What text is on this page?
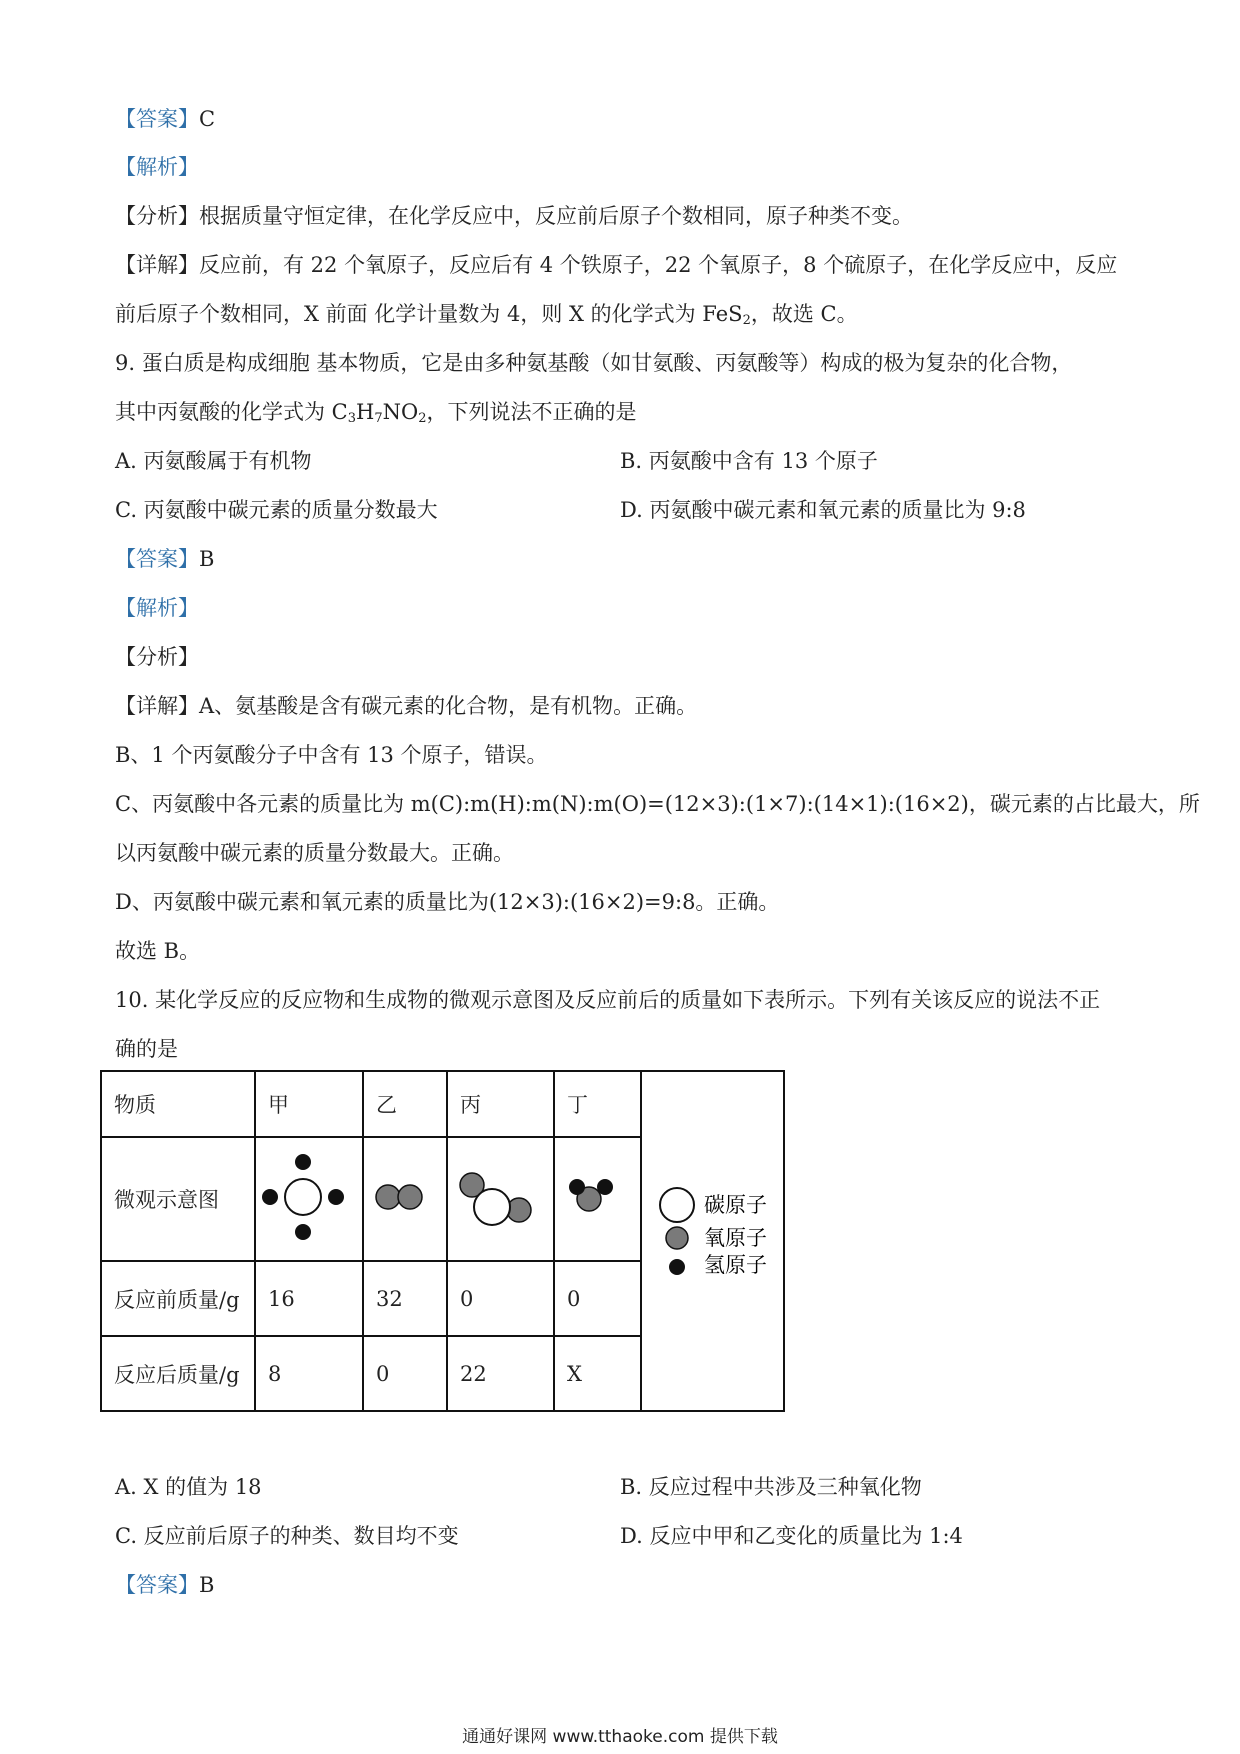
【答案】C
【解析】
【分析】根据质量守恒定律，在化学反应中，反应前后原子个数相同，原子种类不变。
【详解】反应前，有 22 个氧原子，反应后有 4 个铁原子，22 个氧原子，8 个硫原子，在化学反应中，反应
前后原子个数相同，X 前面 化学计量数为 4，则 X 的化学式为 FeS$_2$，故选 C。
9. 蛋白质是构成细胞 基本物质，它是由多种氨基酸（如甘氨酸、丙氨酸等）构成的极为复杂的化合物，
其中丙氨酸的化学式为 $C_3H_7NO_2$，下列说法不正确的是
A. 丙氨酸属于有机物	B. 丙氨酸中含有 13 个原子
C. 丙氨酸中碳元素的质量分数最大	D. 丙氨酸中碳元素和氧元素的质量比为 9:8
【答案】B
【解析】
【分析】
【详解】A、氨基酸是含有碳元素的化合物，是有机物。正确。
B、1 个丙氨酸分子中含有 13 个原子，错误。
C、丙氨酸中各元素的质量比为 m(C):m(H):m(N):m(O)=(12×3):(1×7):(14×1):(16×2)，碳元素的占比最大，所
以丙氨酸中碳元素的质量分数最大。正确。
D、丙氨酸中碳元素和氧元素的质量比为(12×3):(16×2)=9:8。正确。
故选 B。
10. 某化学反应的反应物和生成物的微观示意图及反应前后的质量如下表所示。下列有关该反应的说法不正
确的是
物质	甲	乙	丙	丁	碳原子
氧原子
氢原子

微观示意图				
反应前质量/g	16	32	0	0	
反应后质量/g	8	0	22	X	
A. X 的值为 18	B. 反应过程中共涉及三种氧化物
C. 反应前后原子的种类、数目均不变	D. 反应中甲和乙变化的质量比为 1:4
【答案】B
通通好课网 www.tthaoke.com 提供下载
